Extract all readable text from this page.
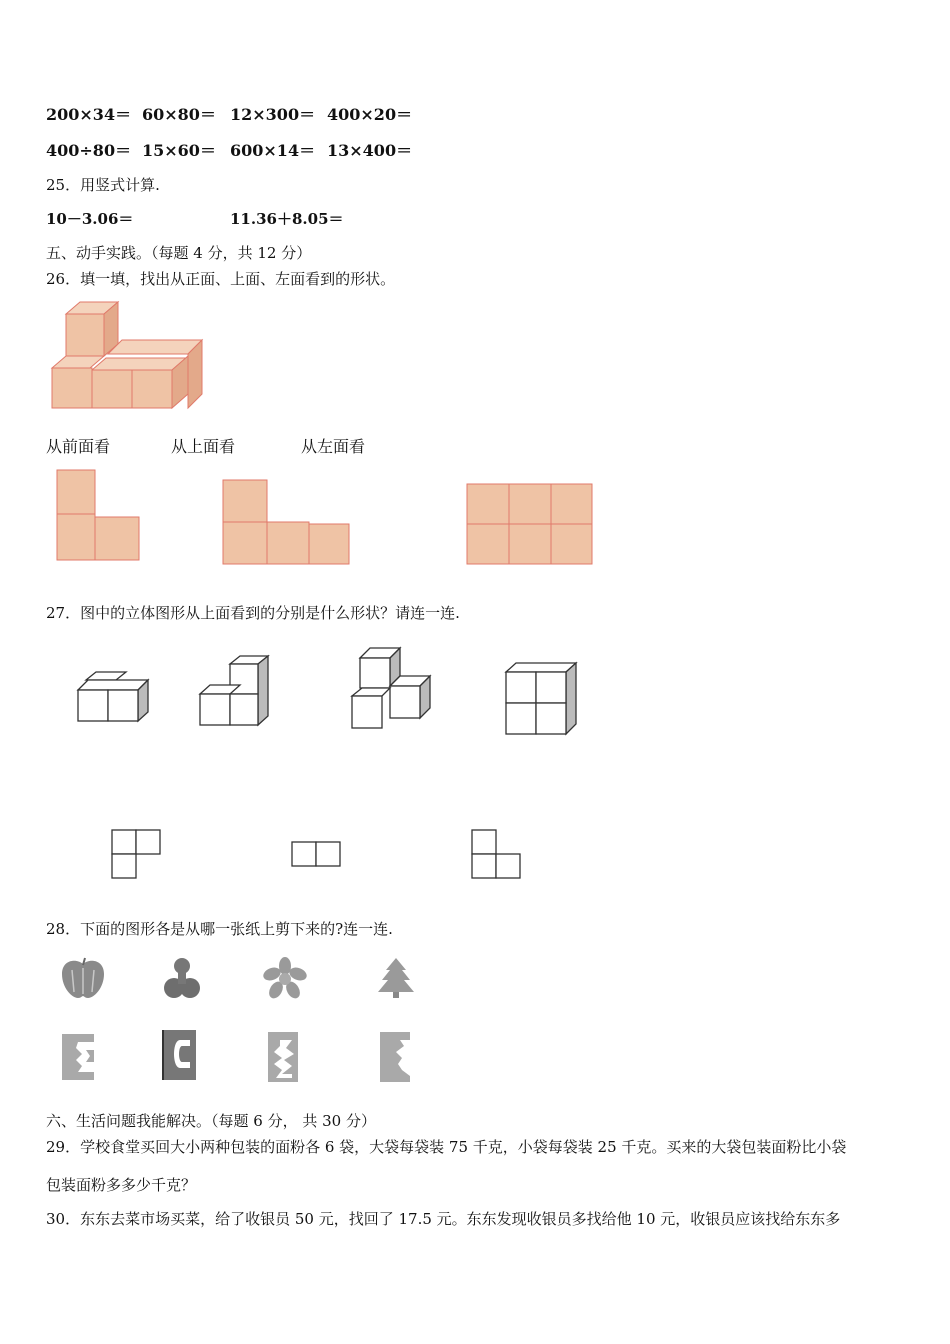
200×34＝ 60×80＝ 12×300＝ 400×20＝
400÷80＝ 15×60＝ 600×14＝ 13×400＝
25．用竖式计算.
10－3.06＝	11.36＋8.05＝
五、动手实践。（每题 4 分，共 12 分）
26．填一填，找出从正面、上面、左面看到的形状。
从前面看	从上面看	从左面看
27．图中的立体图形从上面看到的分别是什么形状？请连一连.
28．下面的图形各是从哪一张纸上剪下来的?连一连.
六、生活问题我能解决。（每题 6 分， 共 30 分）
29．学校食堂买回大小两种包装的面粉各 6 袋，大袋每袋装 75 千克，小袋每袋装 25 千克。买来的大袋包装面粉比小袋
包装面粉多多少千克？
30．东东去菜市场买菜，给了收银员 50 元，找回了 17.5 元。东东发现收银员多找给他 10 元，收银员应该找给东东多
